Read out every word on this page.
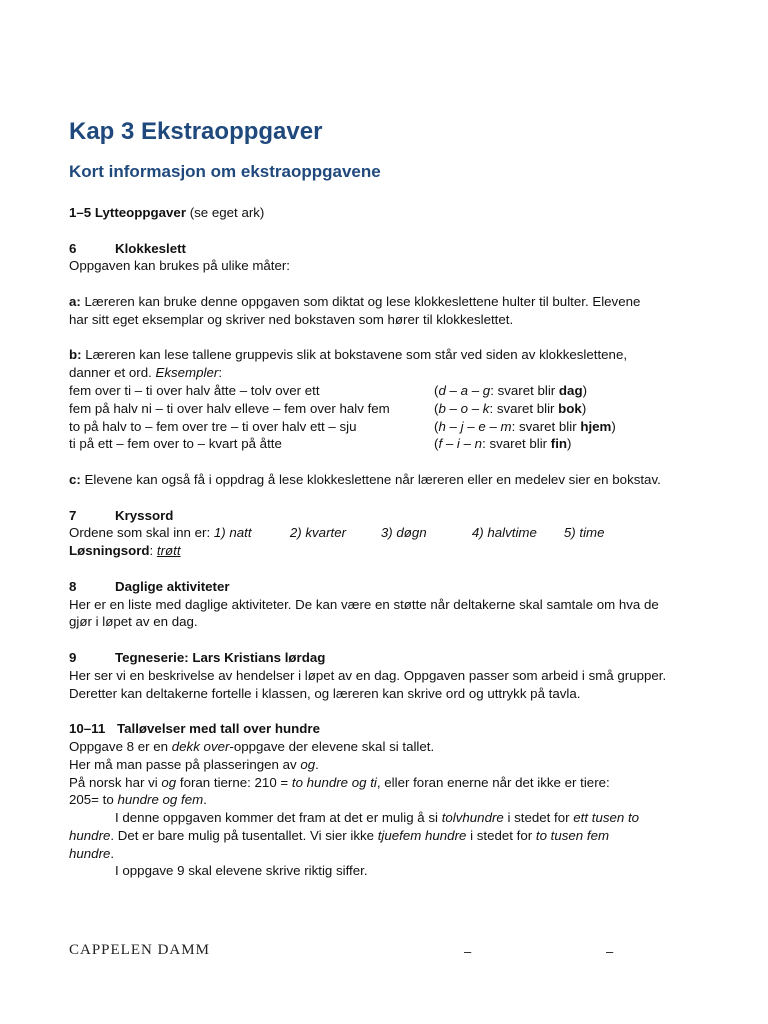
Kap 3 Ekstraoppgaver
Kort informasjon om ekstraoppgavene
1–5 Lytteoppgaver (se eget ark)
6	Klokkeslett
Oppgaven kan brukes på ulike måter:
a: Læreren kan bruke denne oppgaven som diktat og lese klokkeslettene hulter til bulter. Elevene
har sitt eget eksemplar og skriver ned bokstaven som hører til klokkeslettet.
b: Læreren kan lese tallene gruppevis slik at bokstavene som står ved siden av klokkeslettene,
danner et ord. Eksempler:
fem over ti – ti over halv åtte – tolv over ett	(d – a – g: svaret blir dag)
fem på halv ni – ti over halv elleve – fem over halv fem	(b – o – k: svaret blir bok)
to på halv to – fem over tre – ti over halv ett – sju	(h – j – e – m: svaret blir hjem)
ti på ett – fem over to – kvart på åtte	(f – i – n: svaret blir fin)
c: Elevene kan også få i oppdrag å lese klokkeslettene når læreren eller en medelev sier en bokstav.
7	Kryssord
Ordene som skal inn er: 1) natt	2) kvarter	3) døgn	4) halvtime 5) time
Løsningsord: trøtt
8	Daglige aktiviteter
Her er en liste med daglige aktiviteter. De kan være en støtte når deltakerne skal samtale om hva de
gjør i løpet av en dag.
9	Tegneserie: Lars Kristians lørdag
Her ser vi en beskrivelse av hendelser i løpet av en dag. Oppgaven passer som arbeid i små grupper.
Deretter kan deltakerne fortelle i klassen, og læreren kan skrive ord og uttrykk på tavla.
10–11 Talløvelser med tall over hundre
Oppgave 8 er en dekk over-oppgave der elevene skal si tallet.
Her må man passe på plasseringen av og.
På norsk har vi og foran tierne: 210 = to hundre og ti, eller foran enerne når det ikke er tiere:
205= to hundre og fem.
I denne oppgaven kommer det fram at det er mulig å si tolvhundre i stedet for ett tusen to
hundre. Det er bare mulig på tusentallet. Vi sier ikke tjuefem hundre i stedet for to tusen fem
hundre.
I oppgave 9 skal elevene skrive riktig siffer.
CAPPELEN DAMM	–	–
